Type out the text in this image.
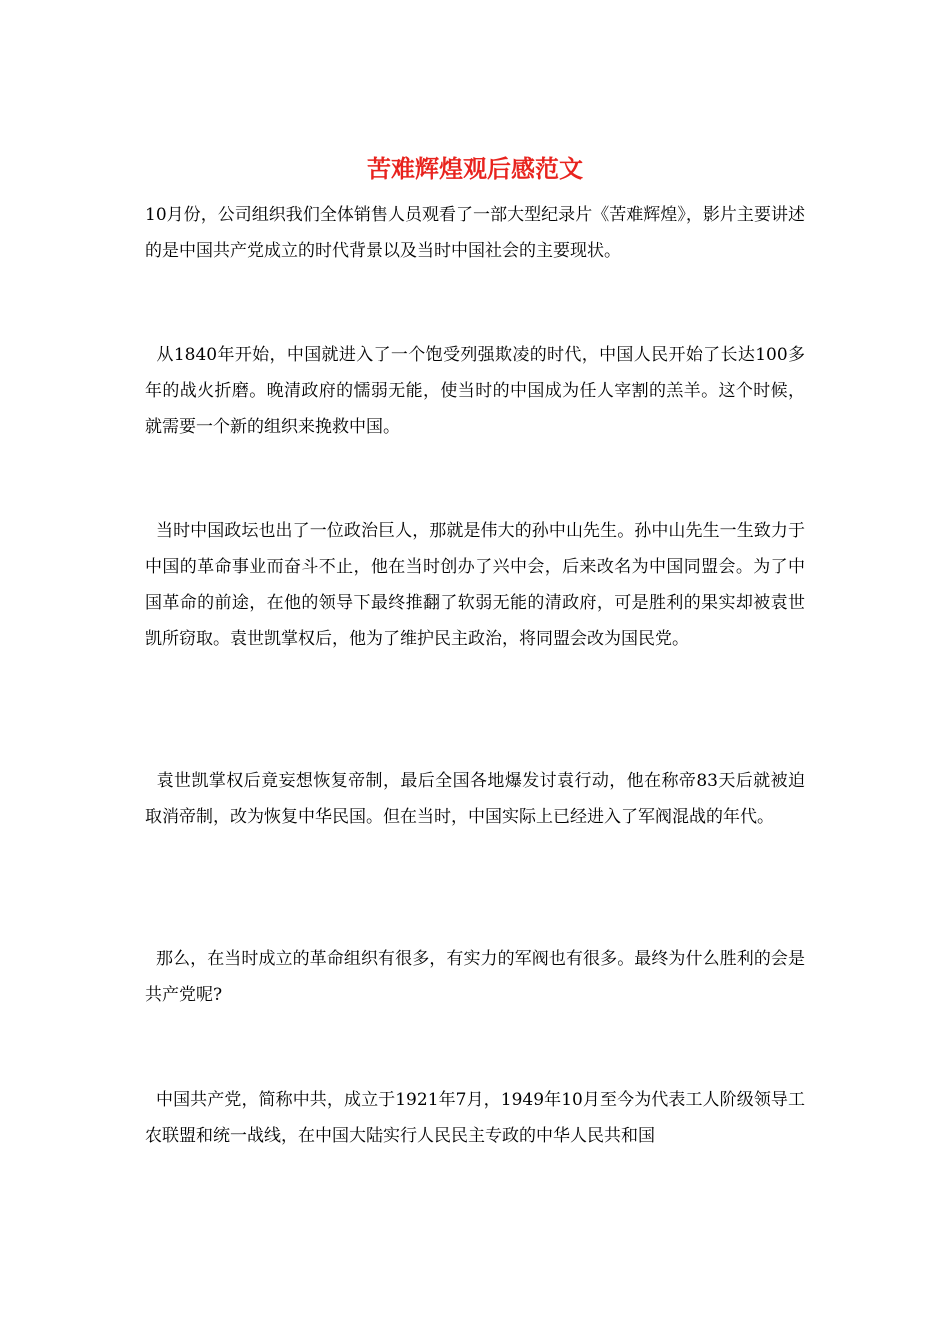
苦难辉煌观后感范文
10月份，公司组织我们全体销售人员观看了一部大型纪录片《苦难辉煌》，影片主要讲述的是中国共产党成立的时代背景以及当时中国社会的主要现状。
从1840年开始，中国就进入了一个饱受列强欺凌的时代，中国人民开始了长达100多年的战火折磨。晚清政府的懦弱无能，使当时的中国成为任人宰割的羔羊。这个时候，就需要一个新的组织来挽救中国。
当时中国政坛也出了一位政治巨人，那就是伟大的孙中山先生。孙中山先生一生致力于中国的革命事业而奋斗不止，他在当时创办了兴中会，后来改名为中国同盟会。为了中国革命的前途，在他的领导下最终推翻了软弱无能的清政府，可是胜利的果实却被袁世凯所窃取。袁世凯掌权后，他为了维护民主政治，将同盟会改为国民党。
袁世凯掌权后竟妄想恢复帝制，最后全国各地爆发讨袁行动，他在称帝83天后就被迫取消帝制，改为恢复中华民国。但在当时，中国实际上已经进入了军阀混战的年代。
那么，在当时成立的革命组织有很多，有实力的军阀也有很多。最终为什么胜利的会是共产党呢?
中国共产党，简称中共，成立于1921年7月，1949年10月至今为代表工人阶级领导工农联盟和统一战线，在中国大陆实行人民民主专政的中华人民共和国
